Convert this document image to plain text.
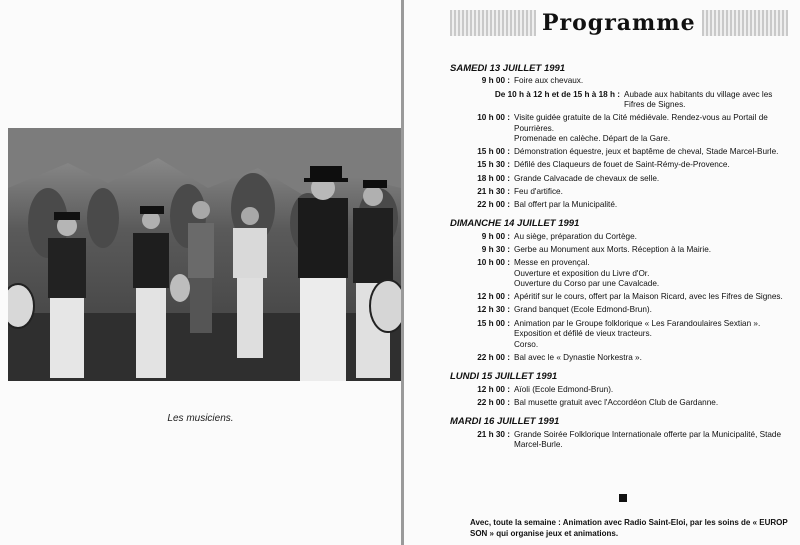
Les musiciens.
Programme
SAMEDI 13 JUILLET 1991
9 h 00 : Foire aux chevaux.
De 10 h à 12 h et de 15 h à 18 h : Aubade aux habitants du village avec les Fifres de Signes.
10 h 00 : Visite guidée gratuite de la Cité médiévale. Rendez-vous au Portail de Pourrières.
Promenade en calèche. Départ de la Gare.
15 h 00 : Démonstration équestre, jeux et baptême de cheval, Stade Marcel-Burle.
15 h 30 : Défilé des Claqueurs de fouet de Saint-Rémy-de-Provence.
18 h 00 : Grande Calvacade de chevaux de selle.
21 h 30 : Feu d'artifice.
22 h 00 : Bal offert par la Municipalité.
DIMANCHE 14 JUILLET 1991
9 h 00 : Au siège, préparation du Cortège.
9 h 30 : Gerbe au Monument aux Morts. Réception à la Mairie.
10 h 00 : Messe en provençal.
Ouverture et exposition du Livre d'Or.
Ouverture du Corso par une Cavalcade.
12 h 00 : Apéritif sur le cours, offert par la Maison Ricard, avec les Fifres de Signes.
12 h 30 : Grand banquet (Ecole Edmond-Brun).
15 h 00 : Animation par le Groupe folklorique « Les Farandoulaires Sextian ».
Exposition et défilé de vieux tracteurs.
Corso.
22 h 00 : Bal avec le « Dynastie Norkestra ».
LUNDI 15 JUILLET 1991
12 h 00 : Aïoli (Ecole Edmond-Brun).
22 h 00 : Bal musette gratuit avec l'Accordéon Club de Gardanne.
MARDI 16 JUILLET 1991
21 h 30 : Grande Soirée Folklorique Internationale offerte par la Municipalité, Stade Marcel-Burle.
Avec, toute la semaine : Animation avec Radio Saint-Eloi, par les soins de « EUROP SON » qui organise jeux et animations.
